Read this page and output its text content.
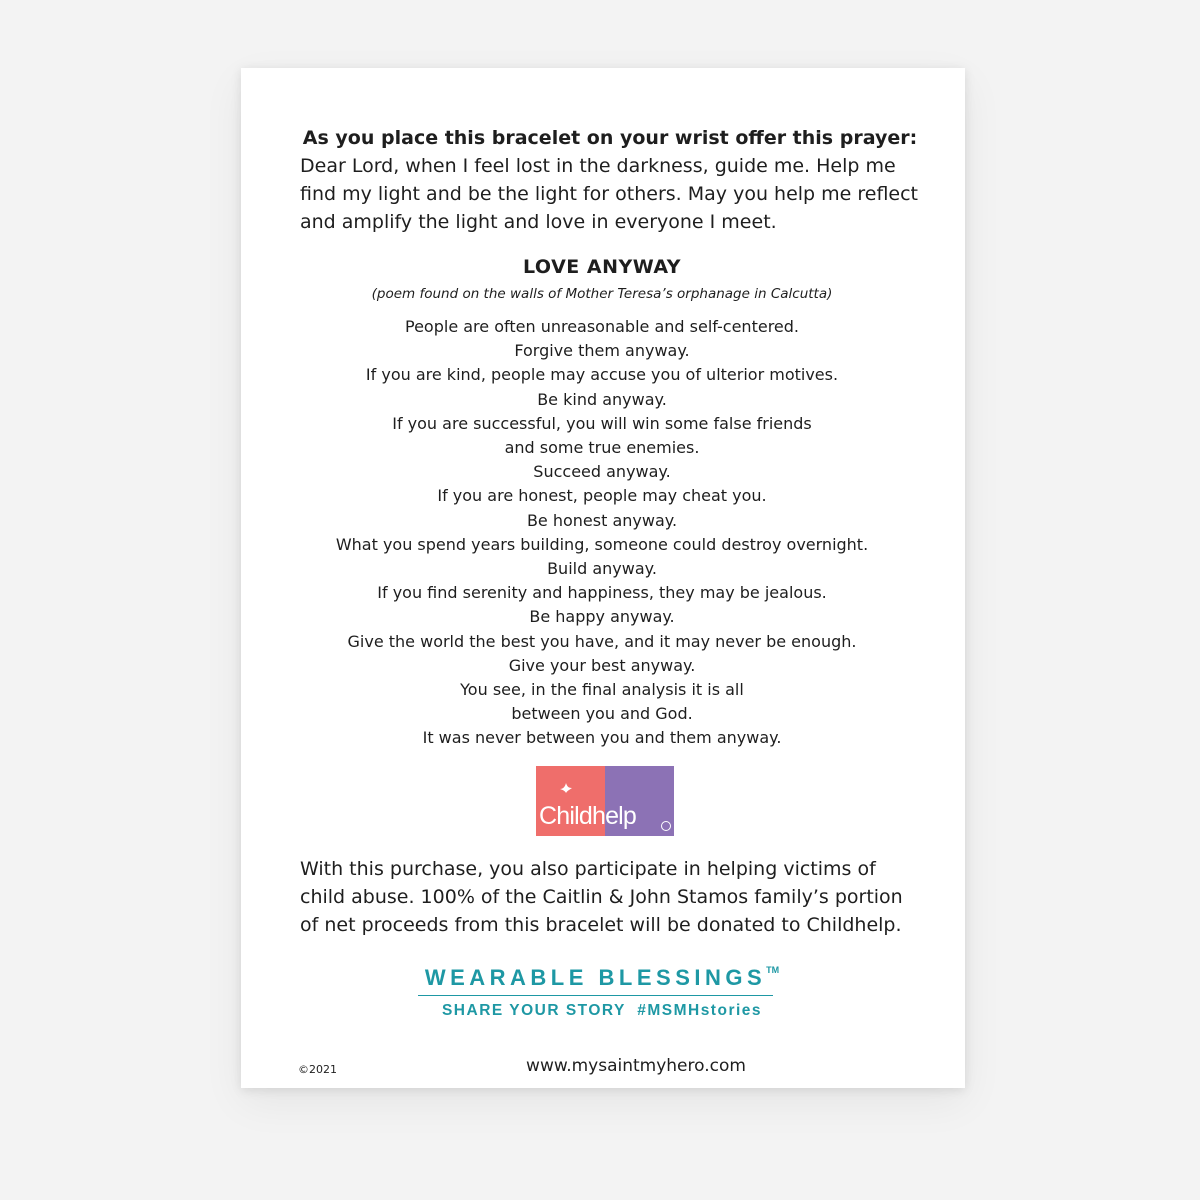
As you place this bracelet on your wrist offer this prayer:
Dear Lord, when I feel lost in the darkness, guide me. Help me find my light and be the light for others. May you help me reflect and amplify the light and love in everyone I meet.
LOVE ANYWAY
(poem found on the walls of Mother Teresa’s orphanage in Calcutta)
People are often unreasonable and self-centered.
Forgive them anyway.
If you are kind, people may accuse you of ulterior motives.
Be kind anyway.
If you are successful, you will win some false friends
and some true enemies.
Succeed anyway.
If you are honest, people may cheat you.
Be honest anyway.
What you spend years building, someone could destroy overnight.
Build anyway.
If you find serenity and happiness, they may be jealous.
Be happy anyway.
Give the world the best you have, and it may never be enough.
Give your best anyway.
You see, in the final analysis it is all
between you and God.
It was never between you and them anyway.
Childhelp
With this purchase, you also participate in helping victims of child abuse. 100% of the Caitlin & John Stamos family’s portion of net proceeds from this bracelet will be donated to Childhelp.
WEARABLE BLESSINGS™
SHARE YOUR STORY  #MSMHstories
©2021	www.mysaintmyhero.com
